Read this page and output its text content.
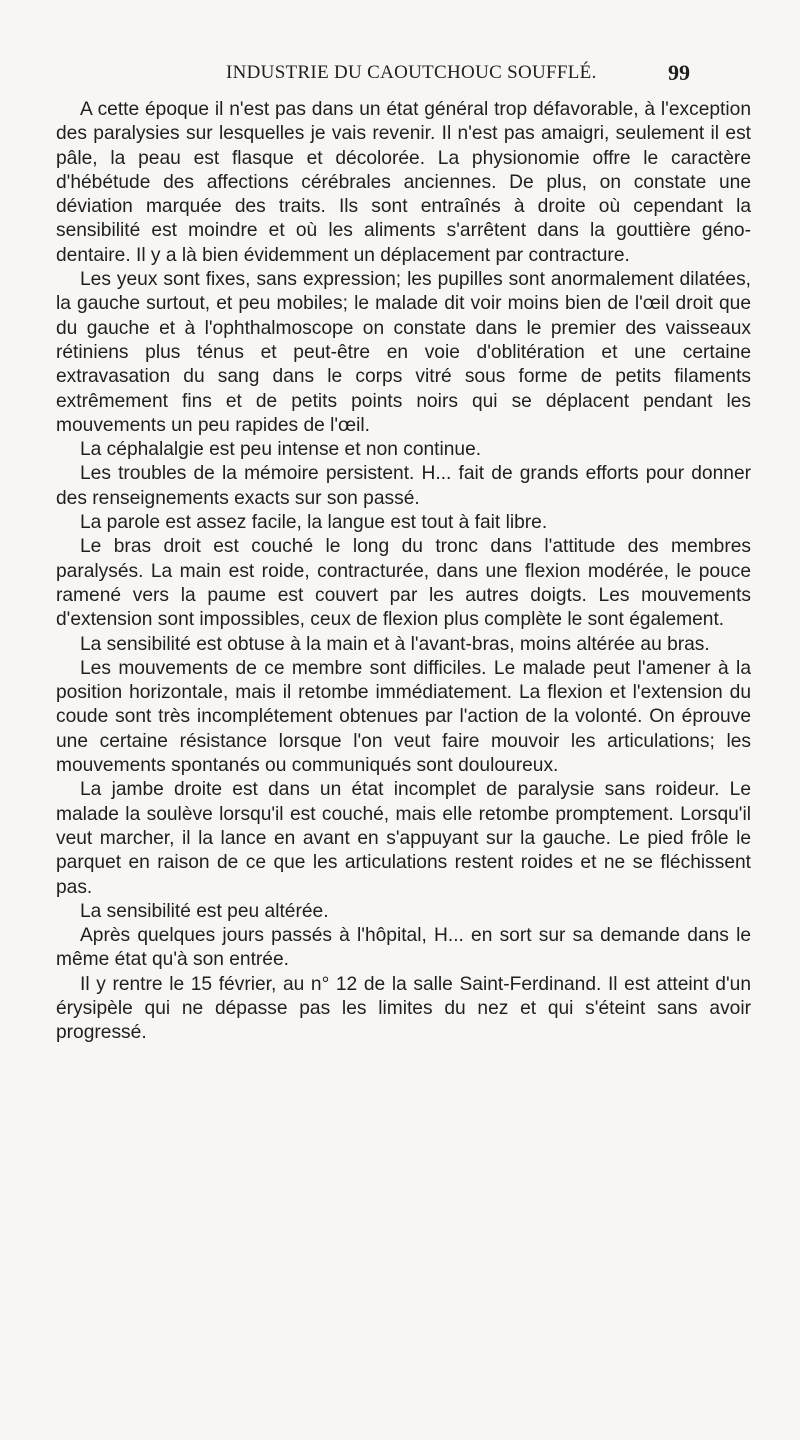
INDUSTRIE DU CAOUTCHOUC SOUFFLÉ.	99

A cette époque il n'est pas dans un état général trop défavorable, à l'exception des paralysies sur lesquelles je vais revenir. Il n'est pas amaigri, seulement il est pâle, la peau est flasque et décolorée. La physionomie offre le caractère d'hébétude des affections cérébrales anciennes. De plus, on constate une déviation marquée des traits. Ils sont entraînés à droite où cependant la sensibilité est moindre et où les aliments s'arrêtent dans la gouttière géno-dentaire. Il y a là bien évidemment un déplacement par contracture.

Les yeux sont fixes, sans expression; les pupilles sont anormalement dilatées, la gauche surtout, et peu mobiles; le malade dit voir moins bien de l'œil droit que du gauche et à l'ophthalmoscope on constate dans le premier des vaisseaux rétiniens plus ténus et peut-être en voie d'oblitération et une certaine extravasation du sang dans le corps vitré sous forme de petits filaments extrêmement fins et de petits points noirs qui se déplacent pendant les mouvements un peu rapides de l'œil.

La céphalalgie est peu intense et non continue.

Les troubles de la mémoire persistent. H... fait de grands efforts pour donner des renseignements exacts sur son passé.

La parole est assez facile, la langue est tout à fait libre.

Le bras droit est couché le long du tronc dans l'attitude des membres paralysés. La main est roide, contracturée, dans une flexion modérée, le pouce ramené vers la paume est couvert par les autres doigts. Les mouvements d'extension sont impossibles, ceux de flexion plus complète le sont également.

La sensibilité est obtuse à la main et à l'avant-bras, moins altérée au bras.

Les mouvements de ce membre sont difficiles. Le malade peut l'amener à la position horizontale, mais il retombe immédiatement. La flexion et l'extension du coude sont très incomplétement obtenues par l'action de la volonté. On éprouve une certaine résistance lorsque l'on veut faire mouvoir les articulations; les mouvements spontanés ou communiqués sont douloureux.

La jambe droite est dans un état incomplet de paralysie sans roideur. Le malade la soulève lorsqu'il est couché, mais elle retombe promptement. Lorsqu'il veut marcher, il la lance en avant en s'appuyant sur la gauche. Le pied frôle le parquet en raison de ce que les articulations restent roides et ne se fléchissent pas.

La sensibilité est peu altérée.

Après quelques jours passés à l'hôpital, H... en sort sur sa demande dans le même état qu'à son entrée.

Il y rentre le 15 février, au n° 12 de la salle Saint-Ferdinand. Il est atteint d'un érysipèle qui ne dépasse pas les limites du nez et qui s'éteint sans avoir progressé.
